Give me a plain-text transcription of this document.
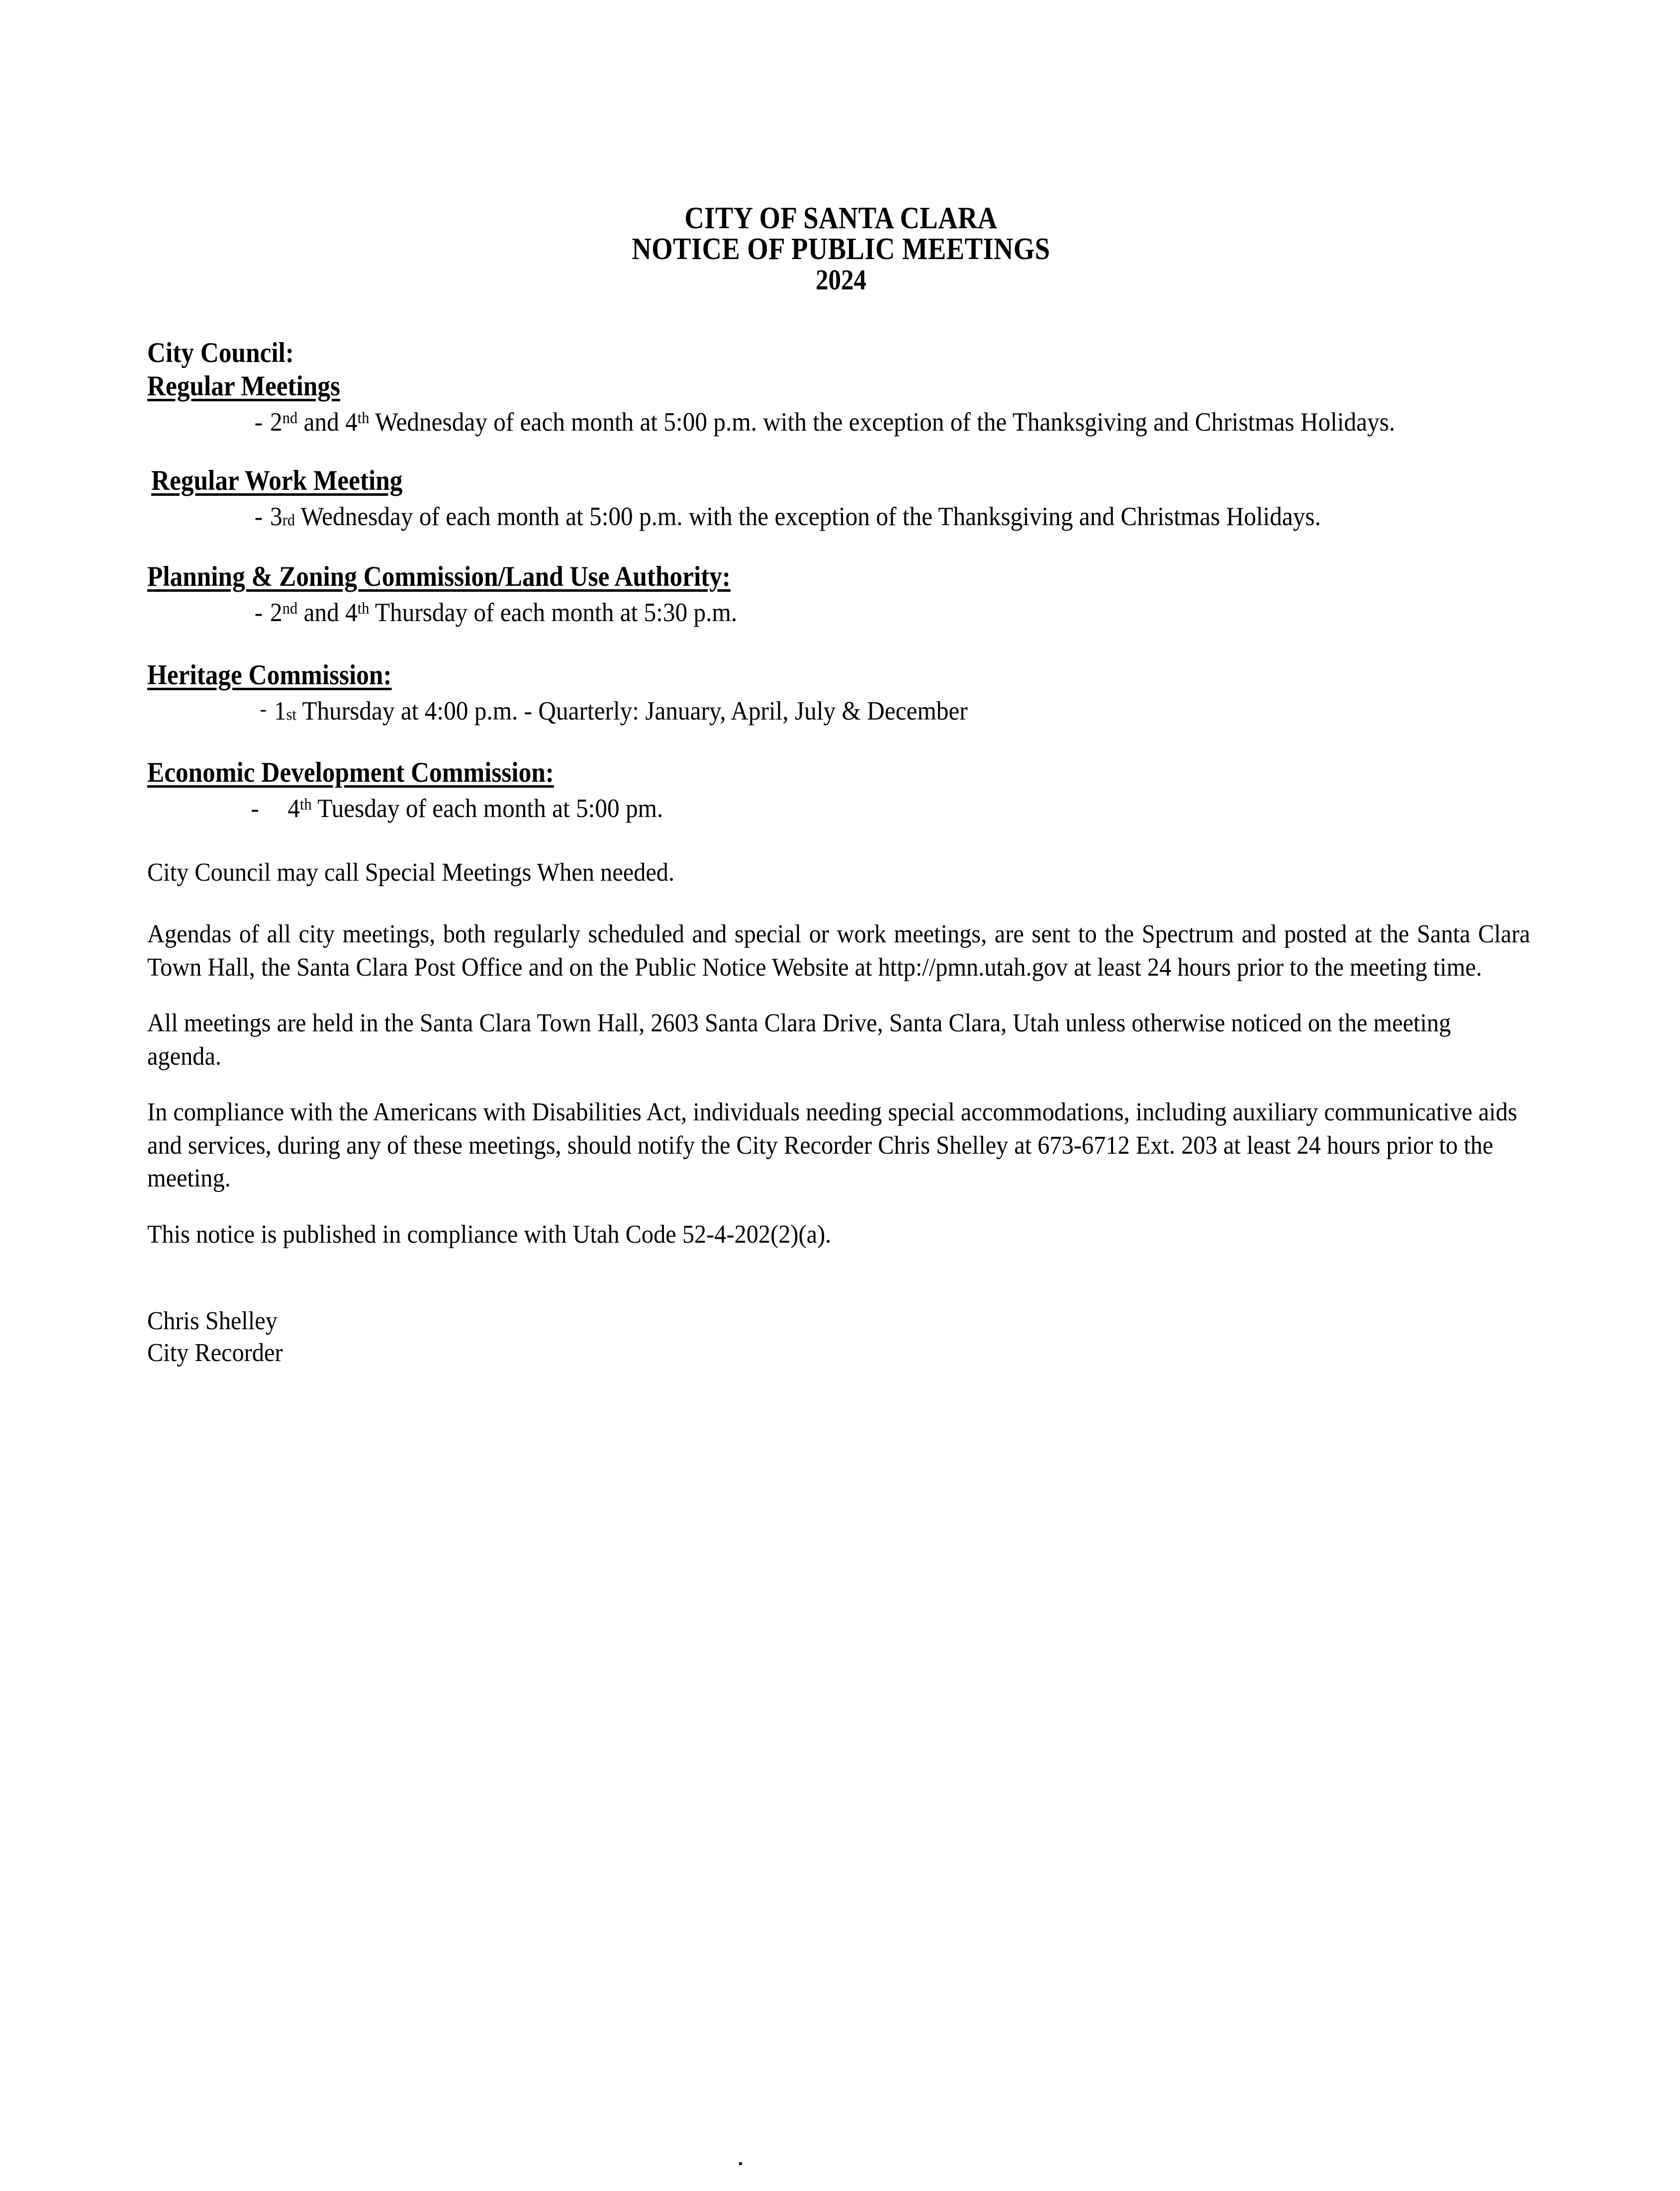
CITY OF SANTA CLARA
NOTICE OF PUBLIC MEETINGS
2024
City Council:
Regular Meetings
- 2nd and 4th Wednesday of each month at 5:00 p.m. with the exception of the Thanksgiving and Christmas Holidays.
Regular Work Meeting
- $3_{rd}$ Wednesday of each month at 5:00 p.m. with the exception of the Thanksgiving and Christmas Holidays.
Planning & Zoning Commission/Land Use Authority:
- 2nd and 4th Thursday of each month at 5:30 p.m.
Heritage Commission:
- $1_{st}$ Thursday at 4:00 p.m. - Quarterly: January, April, July & December
Economic Development Commission:
- 4th Tuesday of each month at 5:00 pm.
City Council may call Special Meetings When needed.
Agendas of all city meetings, both regularly scheduled and special or work meetings, are sent to the Spectrum and posted at the Santa Clara Town Hall, the Santa Clara Post Office and on the Public Notice Website at http://pmn.utah.gov at least 24 hours prior to the meeting time.
All meetings are held in the Santa Clara Town Hall, 2603 Santa Clara Drive, Santa Clara, Utah unless otherwise noticed on the meeting agenda.
In compliance with the Americans with Disabilities Act, individuals needing special accommodations, including auxiliary communicative aids and services, during any of these meetings, should notify the City Recorder Chris Shelley at 673-6712 Ext. 203 at least 24 hours prior to the meeting.
This notice is published in compliance with Utah Code 52-4-202(2)(a).
Chris Shelley
City Recorder
